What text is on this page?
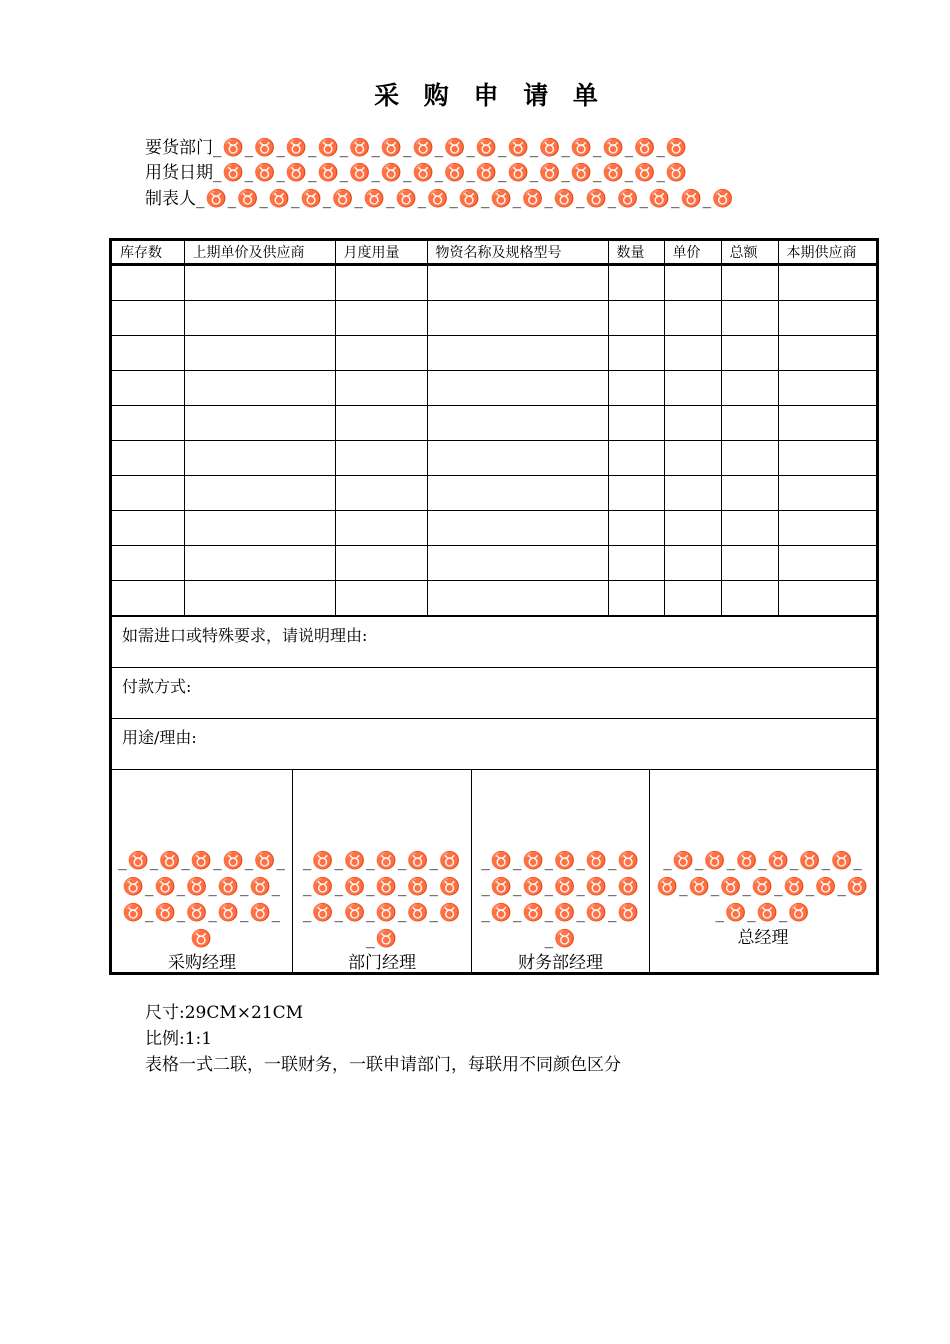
采 购 申 请 单
要货部门_♉_♉_♉_♉_♉_♉_♉_♉_♉_♉_♉_♉_♉_♉_♉
用货日期_♉_♉_♉_♉_♉_♉_♉_♉_♉_♉_♉_♉_♉_♉_♉
制表人_♉_♉_♉_♉_♉_♉_♉_♉_♉_♉_♉_♉_♉_♉_♉_♉_♉
库存数	上期单价及供应商	月度用量	物资名称及规格型号	数量	单价	总额	本期供应商

如需进口或特殊要求，请说明理由:
付款方式:
用途/理由:
_♉_♉_♉_♉_♉_♉_♉_♉_♉_♉_♉_♉_♉_♉_♉_♉
采购经理
_♉_♉_♉_♉_♉_♉_♉_♉_♉_♉_♉_♉_♉_♉_♉_♉
部门经理
_♉_♉_♉_♉_♉_♉_♉_♉_♉_♉_♉_♉_♉_♉_♉_♉
财务部经理
_♉_♉_♉_♉_♉_♉_♉_♉_♉_♉_♉_♉_♉_♉_♉_♉
总经理
尺寸:29CM×21CM
比例:1:1
表格一式二联，一联财务，一联申请部门，每联用不同颜色区分
